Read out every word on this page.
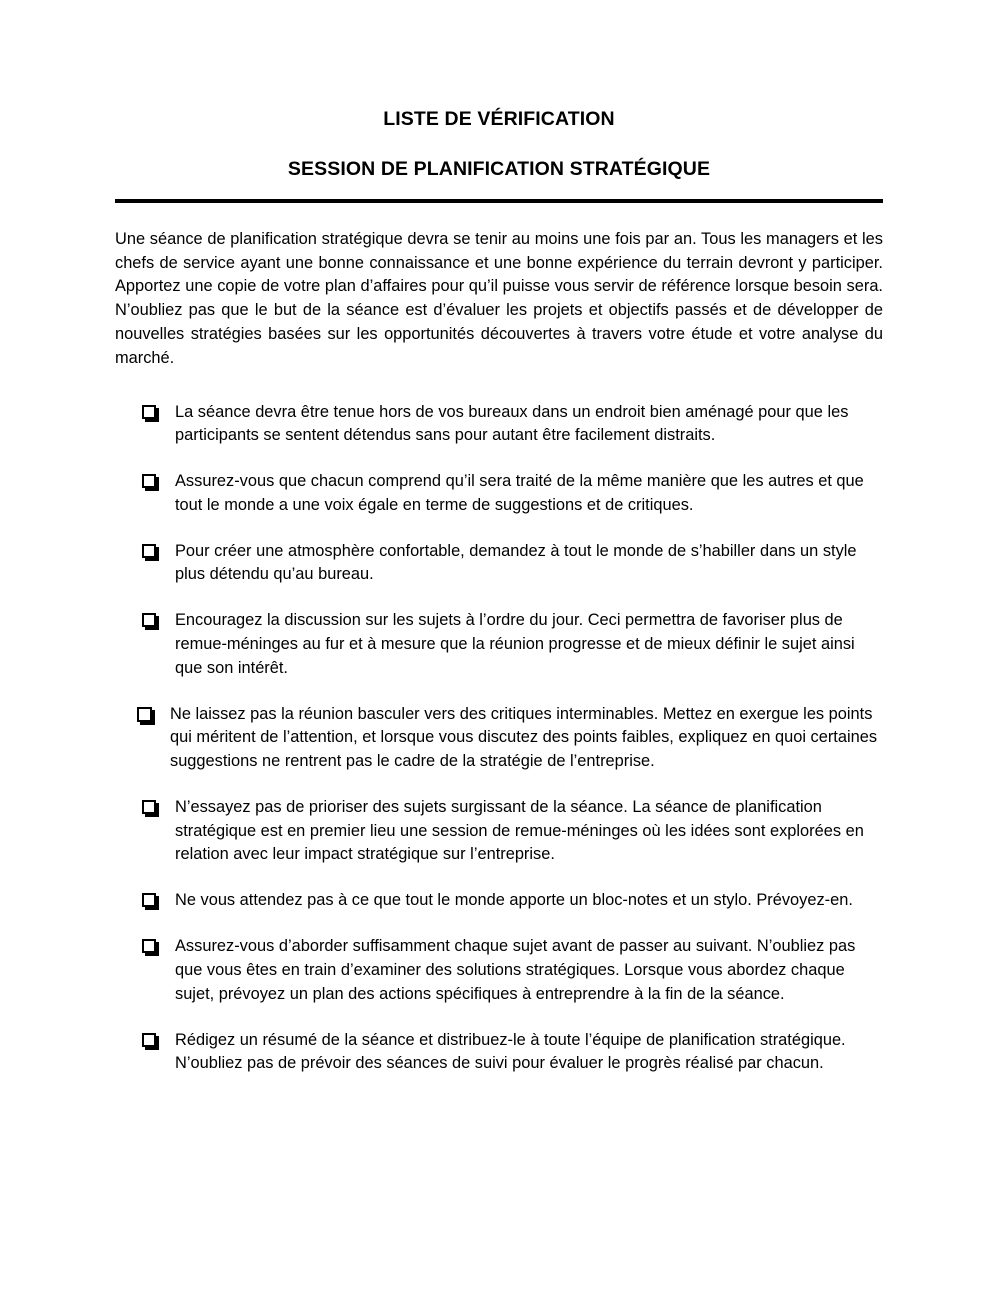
LISTE DE VÉRIFICATION
SESSION DE PLANIFICATION STRATÉGIQUE

Une séance de planification stratégique devra se tenir au moins une fois par an. Tous les managers et les chefs de service ayant une bonne connaissance et une bonne expérience du terrain devront y participer. Apportez une copie de votre plan d’affaires pour qu’il puisse vous servir de référence lorsque besoin sera. N’oubliez pas que le but de la séance est d’évaluer les projets et objectifs passés et de développer de nouvelles stratégies basées sur les opportunités découvertes à travers votre étude et votre analyse du marché.

La séance devra être tenue hors de vos bureaux dans un endroit bien aménagé pour que les participants se sentent détendus sans pour autant être facilement distraits.
Assurez-vous que chacun comprend qu’il sera traité de la même manière que les autres et que tout le monde a une voix égale en terme de suggestions et de critiques.
Pour créer une atmosphère confortable, demandez à tout le monde de s’habiller dans un style plus détendu qu’au bureau.
Encouragez la discussion sur les sujets à l’ordre du jour. Ceci permettra de favoriser plus de remue-méninges au fur et à mesure que la réunion progresse et de mieux définir le sujet ainsi que son intérêt.
Ne laissez pas la réunion basculer vers des critiques interminables. Mettez en exergue les points qui méritent de l’attention, et lorsque vous discutez des points faibles, expliquez en quoi certaines suggestions ne rentrent pas le cadre de la stratégie de l’entreprise.
N’essayez pas de prioriser des sujets surgissant de la séance. La séance de planification stratégique est en premier lieu une session de remue-méninges où les idées sont explorées en relation avec leur impact stratégique sur l’entreprise.
Ne vous attendez pas à ce que tout le monde apporte un bloc-notes et un stylo. Prévoyez-en.
Assurez-vous d’aborder suffisamment chaque sujet avant de passer au suivant. N’oubliez pas que vous êtes en train d’examiner des solutions stratégiques. Lorsque vous abordez chaque sujet, prévoyez un plan des actions spécifiques à entreprendre à la fin de la séance.
Rédigez un résumé de la séance et distribuez-le à toute l’équipe de planification stratégique. N’oubliez pas de prévoir des séances de suivi pour évaluer le progrès réalisé par chacun.
